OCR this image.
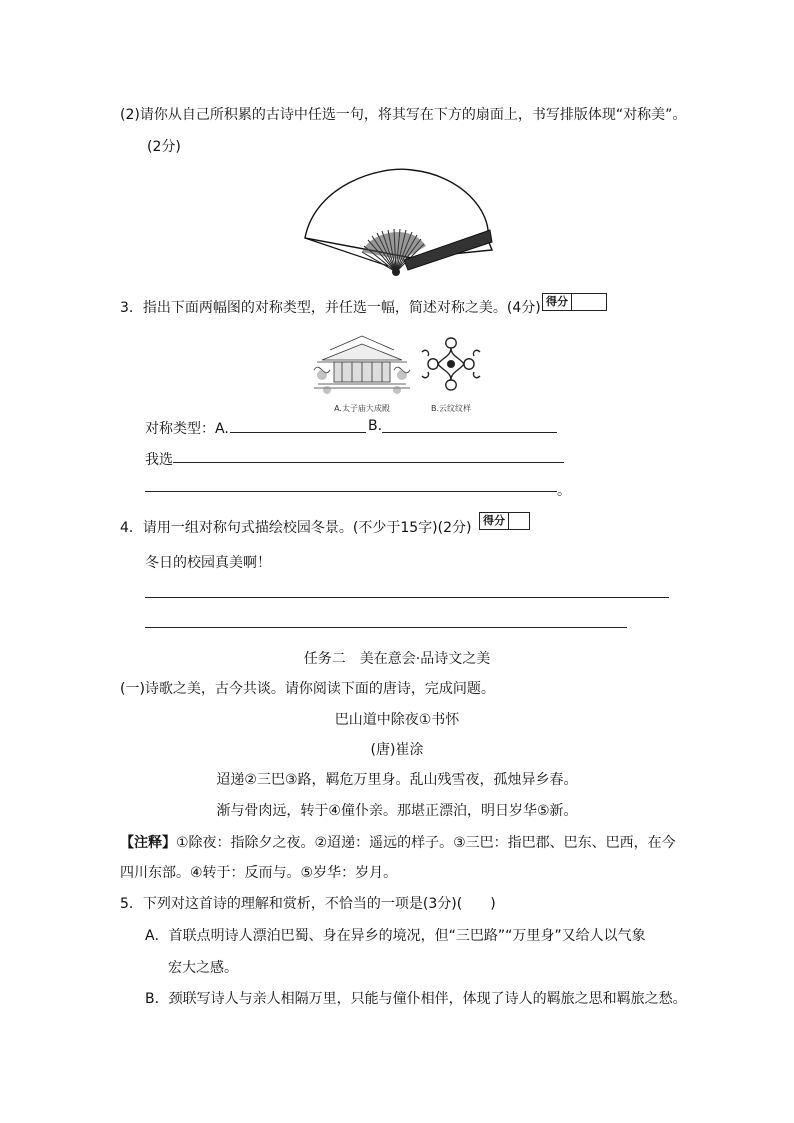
(2)请你从自己所积累的古诗中任选一句，将其写在下方的扇面上，书写排版体现“对称美”。
(2分)
3．指出下面两幅图的对称类型，并任选一幅，简述对称之美。(4分) 得分
A.太子庙大成殿	B.云纹纹样
对称类型：A.	B.
我选
。
4．请用一组对称句式描绘校园冬景。(不少于15字)(2分) 得分
冬日的校园真美啊！
任务二　美在意会·品诗文之美
(一)诗歌之美，古今共谈。请你阅读下面的唐诗，完成问题。
巴山道中除夜①书怀
(唐)崔涂
迢递②三巴③路，羁危万里身。乱山残雪夜，孤烛异乡春。
渐与骨肉远，转于④僮仆亲。那堪正漂泊，明日岁华⑤新。
【注释】①除夜：指除夕之夜。②迢递：遥远的样子。③三巴：指巴郡、巴东、巴西，在今
四川东部。④转于：反而与。⑤岁华：岁月。
5．下列对这首诗的理解和赏析，不恰当的一项是(3分)(　　)
A．首联点明诗人漂泊巴蜀、身在异乡的境况，但“三巴路”“万里身”又给人以气象
宏大之感。
B．颈联写诗人与亲人相隔万里，只能与僮仆相伴，体现了诗人的羁旅之思和羁旅之愁。
